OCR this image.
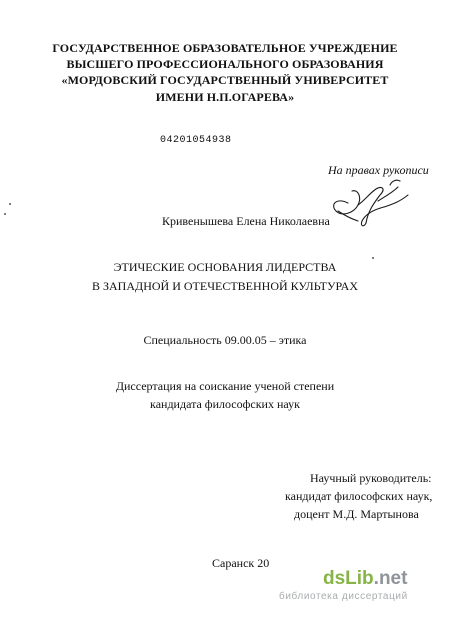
ГОСУДАРСТВЕННОЕ ОБРАЗОВАТЕЛЬНОЕ УЧРЕЖДЕНИЕ
ВЫСШЕГО ПРОФЕССИОНАЛЬНОГО ОБРАЗОВАНИЯ
«МОРДОВСКИЙ ГОСУДАРСТВЕННЫЙ УНИВЕРСИТЕТ
ИМЕНИ Н.П.ОГАРЕВА»
04201054938
На правах рукописи
Кривенышева Елена Николаевна
ЭТИЧЕСКИЕ ОСНОВАНИЯ ЛИДЕРСТВА
В ЗАПАДНОЙ И ОТЕЧЕСТВЕННОЙ КУЛЬТУРАХ
Специальность 09.00.05 – этика
Диссертация на соискание ученой степени
кандидата философских наук
Научный руководитель:
кандидат философских наук,
доцент М.Д. Мартынова
Саранск 20
dsLib.net
библиотека диссертаций
